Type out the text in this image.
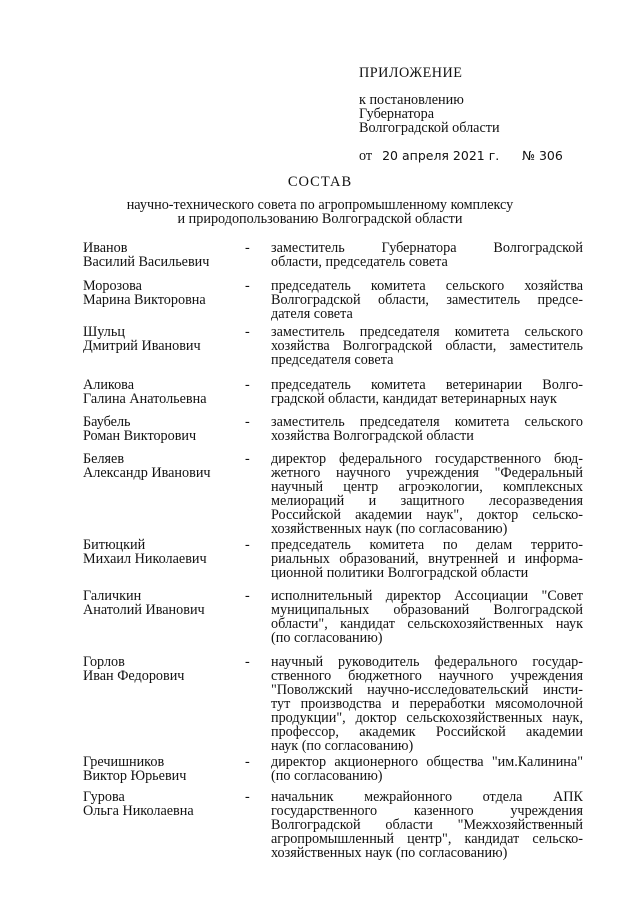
ПРИЛОЖЕНИЕ
к постановлению
Губернатора
Волгоградской области
от 20 апреля 2021 г. № 306
СОСТАВ
научно-технического совета по агропромышленному комплексу
и природопользованию Волгоградской области
Иванов
Василий Васильевич
-	заместитель Губернатора Волгоградской
области, председатель совета
Морозова
Марина Викторовна
-	председатель комитета сельского хозяйства
Волгоградской области, заместитель предсе-
дателя совета
Шульц
Дмитрий Иванович
-	заместитель председателя комитета сельского
хозяйства Волгоградской области, заместитель
председателя совета
Аликова
Галина Анатольевна
-	председатель комитета ветеринарии Волго-
градской области, кандидат ветеринарных наук
Баубель
Роман Викторович
-	заместитель председателя комитета сельского
хозяйства Волгоградской области
Беляев
Александр Иванович
-	директор федерального государственного бюд-
жетного научного учреждения "Федеральный
научный центр агроэкологии, комплексных
мелиораций и защитного лесоразведения
Российской академии наук", доктор сельско-
хозяйственных наук (по согласованию)
Битюцкий
Михаил Николаевич
-	председатель комитета по делам террито-
риальных образований, внутренней и информа-
ционной политики Волгоградской области
Галичкин
Анатолий Иванович
-	исполнительный директор Ассоциации "Совет
муниципальных образований Волгоградской
области", кандидат сельскохозяйственных наук
(по согласованию)
Горлов
Иван Федорович
-	научный руководитель федерального государ-
ственного бюджетного научного учреждения
"Поволжский научно-исследовательский инсти-
тут производства и переработки мясомолочной
продукции", доктор сельскохозяйственных наук,
профессор, академик Российской академии
наук (по согласованию)
Гречишников
Виктор Юрьевич
-	директор акционерного общества "им.Калинина"
(по согласованию)
Гурова
Ольга Николаевна
-	начальник межрайонного отдела АПК
государственного казенного учреждения
Волгоградской области "Межхозяйственный
агропромышленный центр", кандидат сельско-
хозяйственных наук (по согласованию)
